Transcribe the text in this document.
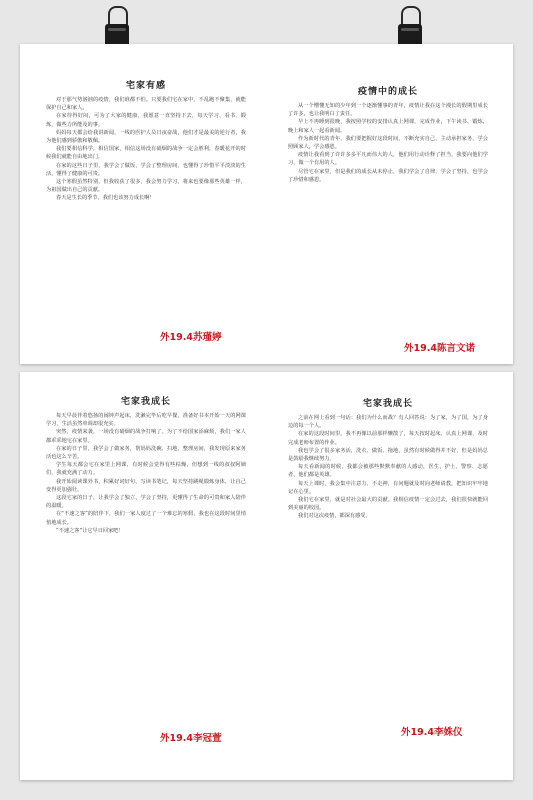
宅家有感

对于那气势汹汹的疫情，我们谁都不怕。只要我们宅在家中，不乱跑不聚集，就能保护自己和家人。

在家待得好闷，可为了大家的健康，我愿意一直坚持下去，每天学习、看书、锻炼，做些力所能及的事。

妈妈每天都会给我讲新闻，一线的医护人员日夜奋战，他们才是最美的逆行者，我为他们感到骄傲和敬佩。

我们要相信科学，相信国家，相信这场没有硝烟的战争一定会胜利，春暖花开的时候我们就能自由地出门。

在家的这些日子里，我学会了做饭，学会了整理房间，也懂得了珍惜平平淡淡的生活，懂得了健康的可贵。

这个寒假虽然特别，但我收获了很多，我会努力学习，将来也要像那些英雄一样，为祖国做出自己的贡献。

春天是生长的季节，我们也该努力成长啊！

外19.4苏瑾婷
疫情中的成长

从一个懵懂无知的少年到一个逐渐懂事的青年，疫情让我在这个漫长的假期里成长了许多，也让我明白了责任。

早上不再睡到很晚，我按照学校的安排认真上网课，完成作业，下午读书、锻炼，晚上和家人一起看新闻。

作为新时代的青年，我们要把握好这段时间，不断充实自己，主动承担家务，学会照顾家人，学会感恩。

疫情让我看到了许许多多平凡而伟大的人，他们用行动诠释了担当，我要向他们学习，做一个有用的人。

尽管宅在家里，但是我们的成长从未停止，我们学会了自律，学会了坚持，也学会了珍惜和感恩。

外19.4陈言文诺
宅家我成长

每天早晨伴着悠扬的闹钟声起床，洗漱完毕后吃早餐，准备好书本开始一天的网课学习，生活虽然单调却很充实。

突然，疫情来袭，一场没有硝烟的战争打响了。为了不给国家添麻烦，我们一家人都乖乖地宅在家里。

在家的日子里，我学会了做家务，帮妈妈洗碗、扫地、整理房间，我发现原来家务活也这么辛苦。

学生每天都会宅在家里上网课，有时候会觉得有些枯燥，但想到一线的叔叔阿姨们，我就充满了动力。

我开始阅读课外书，积累好词好句，写读书笔记，每天坚持跳绳锻炼身体，让自己变得更加强壮。

这段宅家的日子，让我学会了独立，学会了坚持，更懂得了生命的可贵和家人陪伴的温暖。

在“不速之客”的陪伴下，我们一家人度过了一个难忘的寒假，我也在这段时间里悄悄地成长。

“不速之客”让它早日回家吧！

外19.4李冠萱
宅家我成长

之前在网上看到一句话：我们为什么而战？有人回答说：为了家，为了国，为了身边的每一个人。

在家的这段时间里，我不再像以前那样懒散了，每天按时起床，认真上网课，及时完成老师布置的作业。

我也学会了很多家务活，洗衣、做饭、拖地，虽然有时候做得并不好，但是妈妈总是鼓励我继续努力。

每天看新闻的时候，我都会被那些默默奉献的人感动，医生、护士、警察、志愿者，他们都是英雄。

每天上课时，我会集中注意力，不走神，有问题就及时向老师请教，把知识牢牢地记在心里。

我们宅在家里，就是对社会最大的贡献。我相信疫情一定会过去，我们很快就能回到美丽的校园。

我们对这次疫情，都深有感受。

外19.4李姝仪
